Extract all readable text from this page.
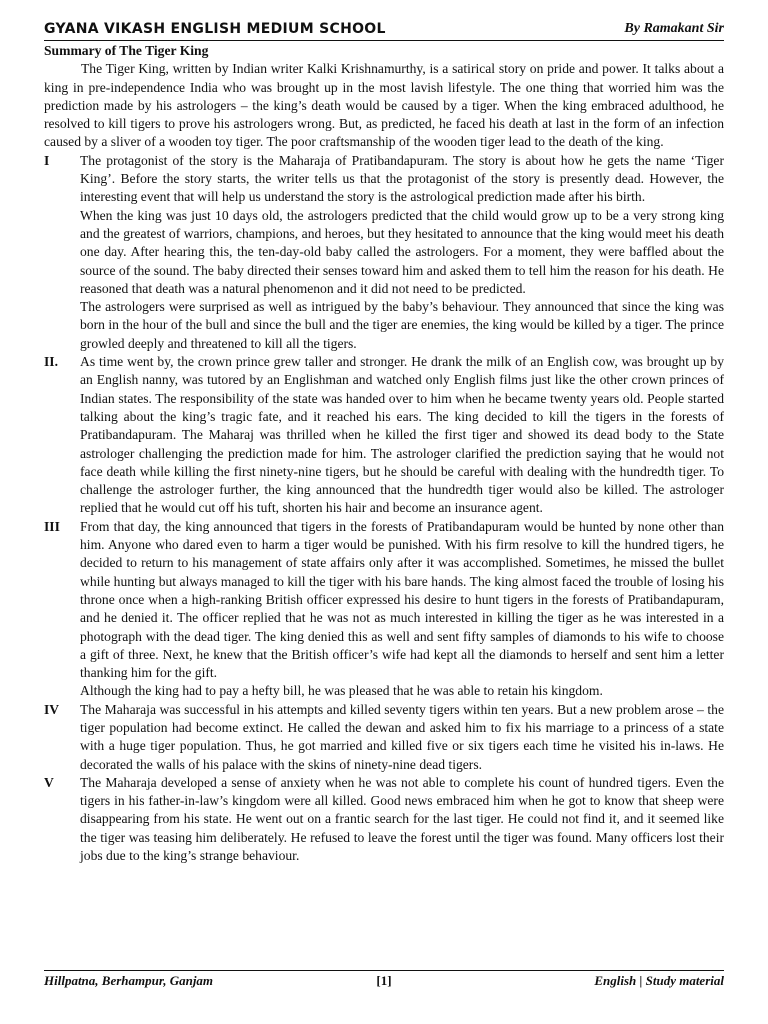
GYANA VIKASH ENGLISH MEDIUM SCHOOL	By Ramakant Sir

Summary of The Tiger King

The Tiger King, written by Indian writer Kalki Krishnamurthy, is a satirical story on pride and power. It talks about a king in pre-independence India who was brought up in the most lavish lifestyle. The one thing that worried him was the prediction made by his astrologers – the king’s death would be caused by a tiger. When the king embraced adulthood, he resolved to kill tigers to prove his astrologers wrong. But, as predicted, he faced his death at last in the form of an infection caused by a sliver of a wooden toy tiger. The poor craftsmanship of the wooden tiger lead to the death of the king.

I	The protagonist of the story is the Maharaja of Pratibandapuram. The story is about how he gets the name ‘Tiger King’. Before the story starts, the writer tells us that the protagonist of the story is presently dead. However, the interesting event that will help us understand the story is the astrological prediction made after his birth.

When the king was just 10 days old, the astrologers predicted that the child would grow up to be a very strong king and the greatest of warriors, champions, and heroes, but they hesitated to announce that the king would meet his death one day. After hearing this, the ten-day-old baby called the astrologers. For a moment, they were baffled about the source of the sound. The baby directed their senses toward him and asked them to tell him the reason for his death. He reasoned that death was a natural phenomenon and it did not need to be predicted.

The astrologers were surprised as well as intrigued by the baby’s behaviour. They announced that since the king was born in the hour of the bull and since the bull and the tiger are enemies, the king would be killed by a tiger. The prince growled deeply and threatened to kill all the tigers.

II.	As time went by, the crown prince grew taller and stronger. He drank the milk of an English cow, was brought up by an English nanny, was tutored by an Englishman and watched only English films just like the other crown princes of Indian states. The responsibility of the state was handed over to him when he became twenty years old. People started talking about the king’s tragic fate, and it reached his ears. The king decided to kill the tigers in the forests of Pratibandapuram. The Maharaj was thrilled when he killed the first tiger and showed its dead body to the State astrologer challenging the prediction made for him. The astrologer clarified the prediction saying that he would not face death while killing the first ninety-nine tigers, but he should be careful with dealing with the hundredth tiger. To challenge the astrologer further, the king announced that the hundredth tiger would also be killed. The astrologer replied that he would cut off his tuft, shorten his hair and become an insurance agent.

III	From that day, the king announced that tigers in the forests of Pratibandapuram would be hunted by none other than him. Anyone who dared even to harm a tiger would be punished. With his firm resolve to kill the hundred tigers, he decided to return to his management of state affairs only after it was accomplished. Sometimes, he missed the bullet while hunting but always managed to kill the tiger with his bare hands. The king almost faced the trouble of losing his throne once when a high-ranking British officer expressed his desire to hunt tigers in the forests of Pratibandapuram, and he denied it. The officer replied that he was not as much interested in killing the tiger as he was interested in a photograph with the dead tiger. The king denied this as well and sent fifty samples of diamonds to his wife to choose a gift of three. Next, he knew that the British officer’s wife had kept all the diamonds to herself and sent him a letter thanking him for the gift.

Although the king had to pay a hefty bill, he was pleased that he was able to retain his kingdom.

IV	The Maharaja was successful in his attempts and killed seventy tigers within ten years. But a new problem arose – the tiger population had become extinct. He called the dewan and asked him to fix his marriage to a princess of a state with a huge tiger population. Thus, he got married and killed five or six tigers each time he visited his in-laws. He decorated the walls of his palace with the skins of ninety-nine dead tigers.

V	The Maharaja developed a sense of anxiety when he was not able to complete his count of hundred tigers. Even the tigers in his father-in-law’s kingdom were all killed. Good news embraced him when he got to know that sheep were disappearing from his state. He went out on a frantic search for the last tiger. He could not find it, and it seemed like the tiger was teasing him deliberately. He refused to leave the forest until the tiger was found. Many officers lost their jobs due to the king’s strange behaviour.

Hillpatna, Berhampur, Ganjam	[1]	English | Study material
